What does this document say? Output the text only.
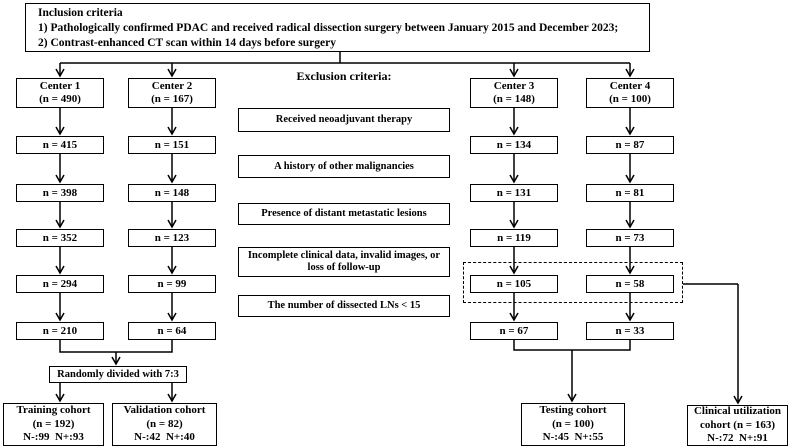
Inclusion criteria
1) Pathologically confirmed PDAC and received radical dissection surgery between January 2015 and December 2023;
2) Contrast-enhanced CT scan within 14 days before surgery
Exclusion criteria:
Received neoadjuvant therapy
A history of other malignancies
Presence of distant metastatic lesions
Incomplete clinical data, invalid images, or loss of follow-up
The number of dissected LNs < 15
Center 1
(n = 490)
n = 415
n = 398
n = 352
n = 294
n = 210
Center 2
(n = 167)
n = 151
n = 148
n = 123
n = 99
n = 64
Center 3
(n = 148)
n = 134
n = 131
n = 119
n = 105
n = 67
Center 4
(n = 100)
n = 87
n = 81
n = 73
n = 58
n = 33
Randomly divided with 7:3
Training cohort
(n = 192)
N-:99  N+:93
Validation cohort
(n = 82)
N-:42  N+:40
Testing cohort
(n = 100)
N-:45  N+:55
Clinical utilization
cohort (n = 163)
N-:72  N+:91
